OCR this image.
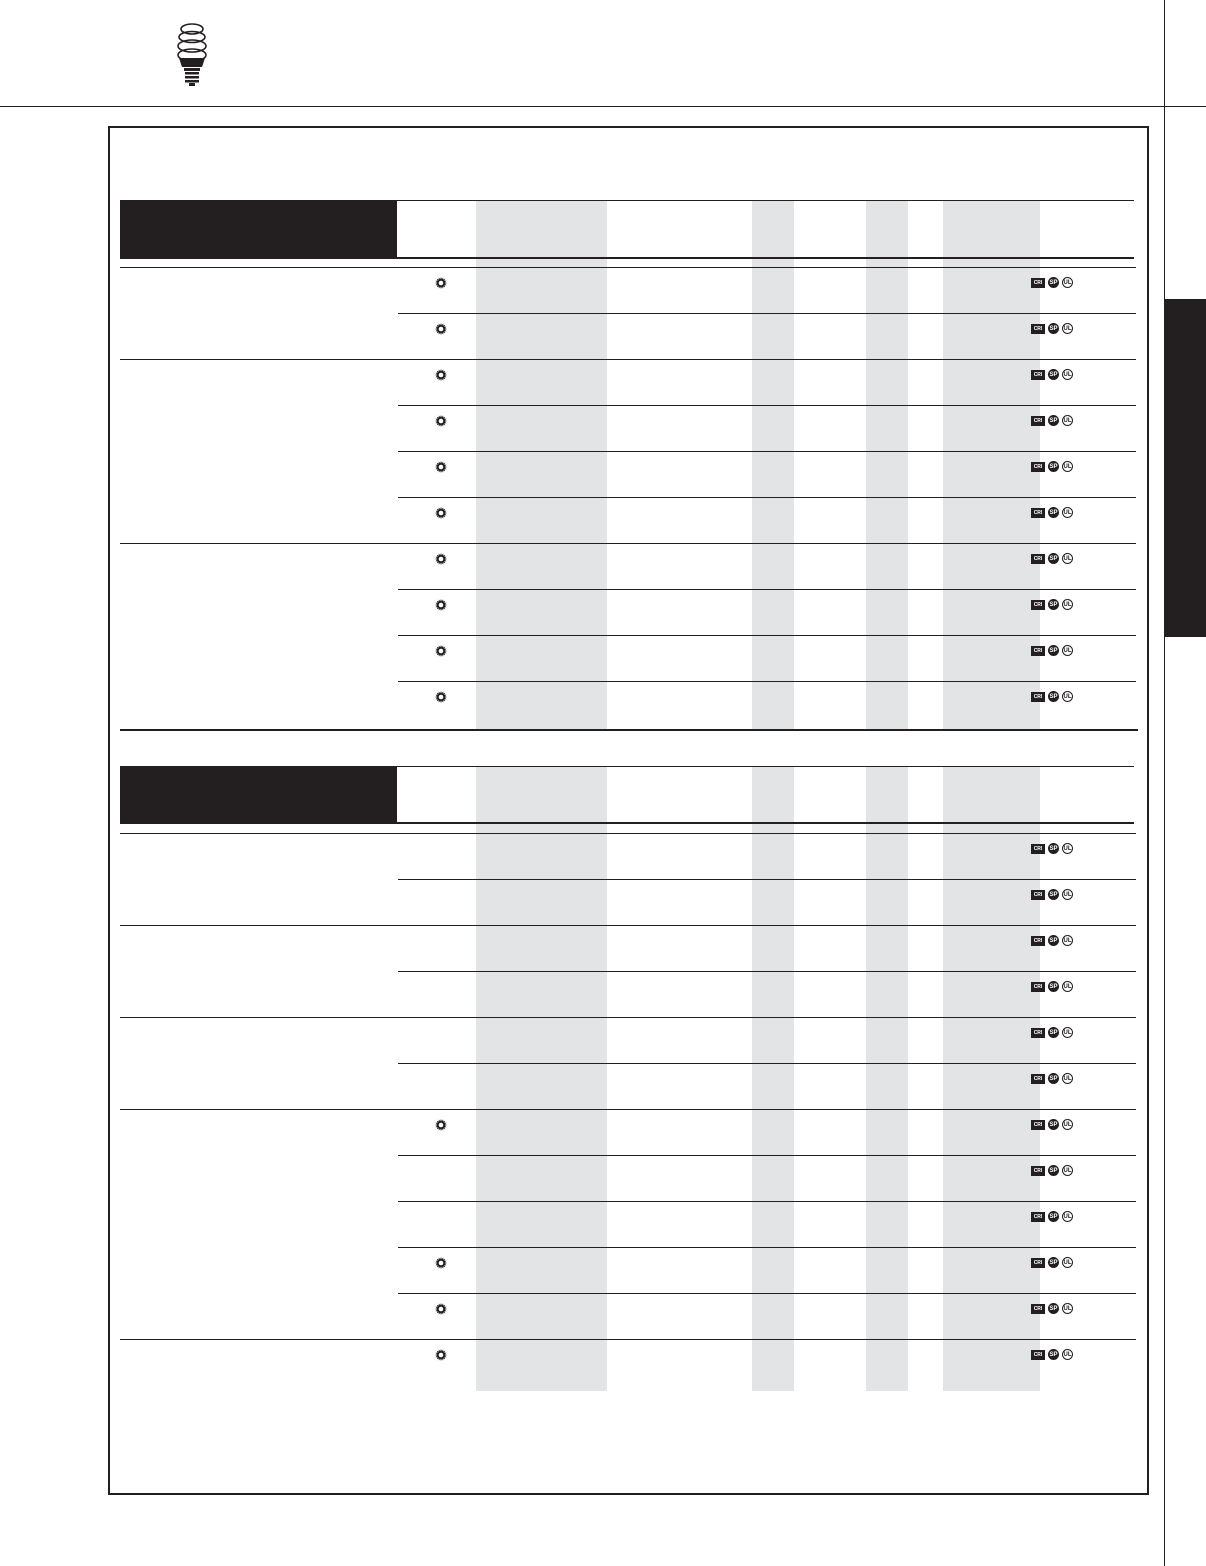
CRI	SP UL
CRI	SP UL
CRI	SP UL
CRI	SP UL
CRI	SP UL
CRI	SP UL
CRI	SP UL
CRI	SP UL
CRI	SP UL
CRI	SP UL
CRI	SP UL
CRI	SP UL
CRI	SP UL
CRI	SP UL
CRI	SP UL
CRI	SP UL
CRI	SP UL
CRI	SP UL
CRI	SP UL
CRI	SP UL
CRI	SP UL
CRI	SP UL
